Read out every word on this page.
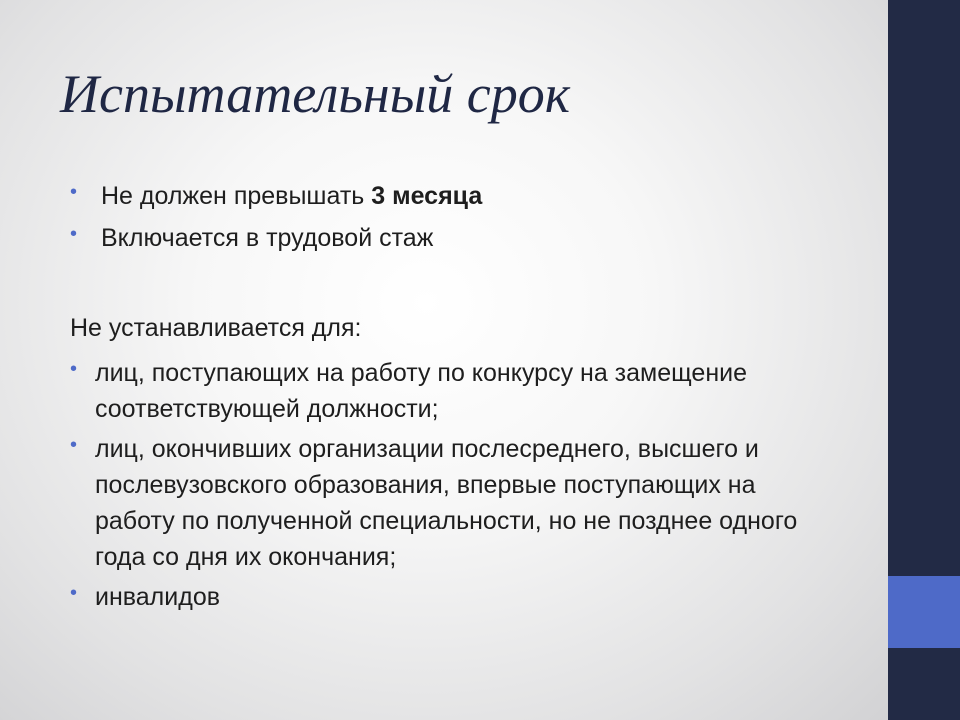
Испытательный срок
• Не должен превышать 3 месяца
• Включается в трудовой стаж

Не устанавливается для:

• лиц, поступающих на работу по конкурсу на замещение соответствующей должности;
• лиц, окончивших организации послесреднего, высшего и послевузовского образования, впервые поступающих на работу по полученной специальности, но не позднее одного года со дня их окончания;
• инвалидов
